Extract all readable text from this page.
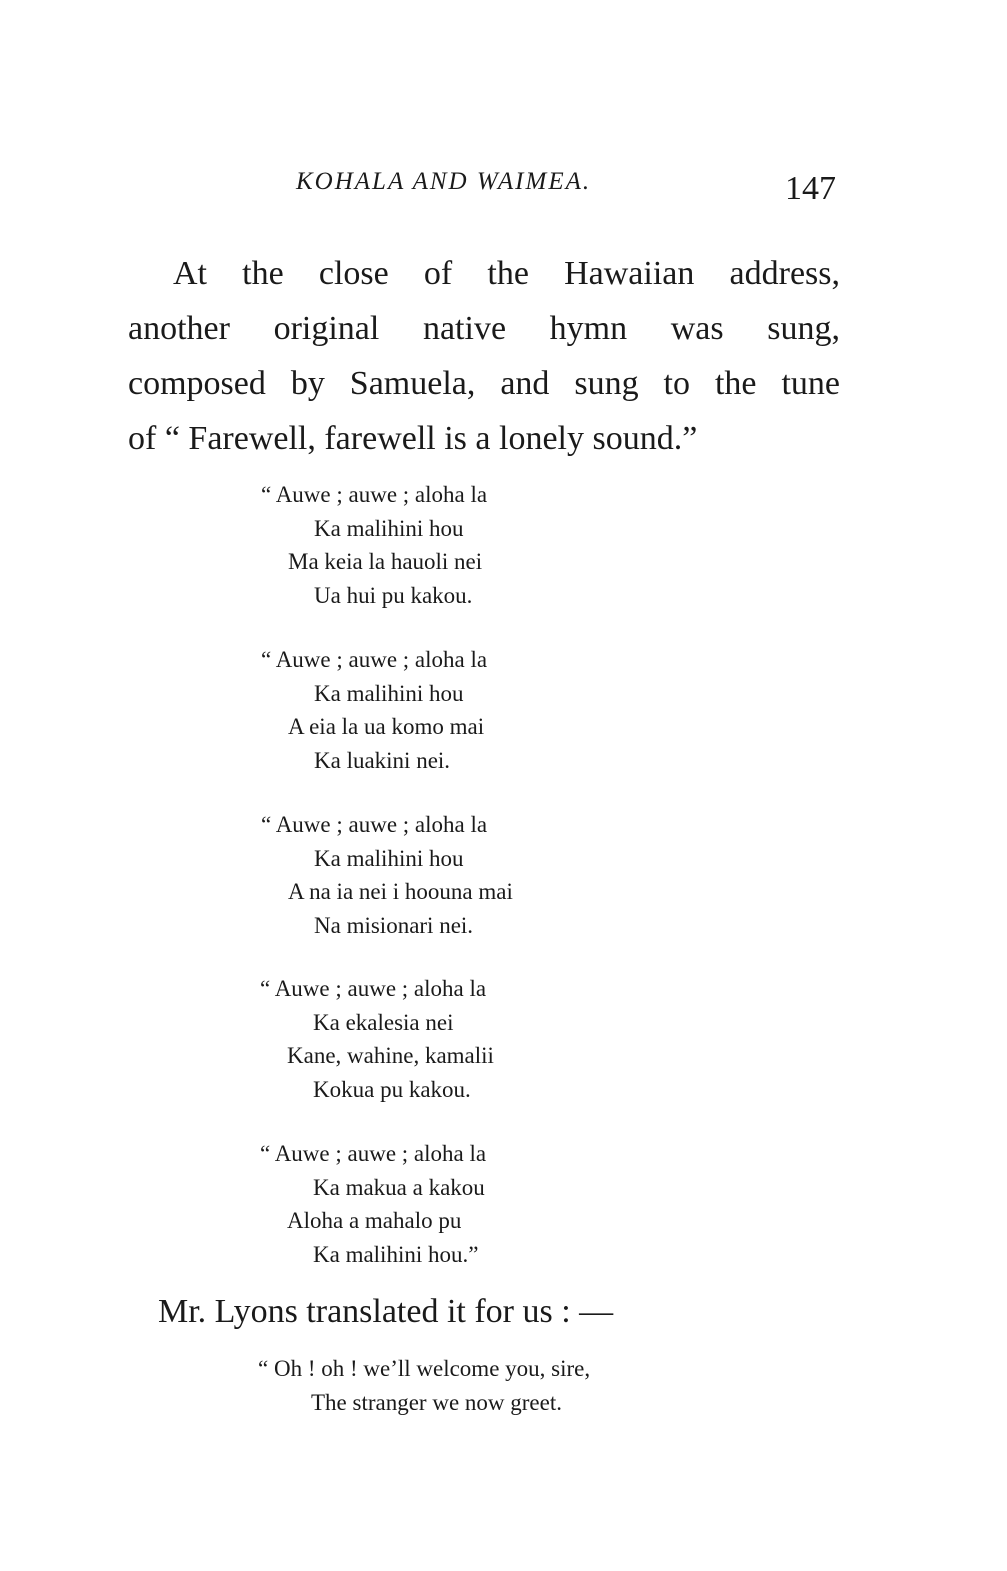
KOHALA AND WAIMEA.	147
At the close of the Hawaiian address,
another original native hymn was sung,
composed by Samuela, and sung to the tune
of “ Farewell, farewell is a lonely sound.”
“ Auwe ; auwe ; aloha la
Ka malihini hou
Ma keia la hauoli nei
Ua hui pu kakou.
“ Auwe ; auwe ; aloha la
Ka malihini hou
A eia la ua komo mai
Ka luakini nei.
“ Auwe ; auwe ; aloha la
Ka malihini hou
A na ia nei i hoouna mai
Na misionari nei.
“ Auwe ; auwe ; aloha la
Ka ekalesia nei
Kane, wahine, kamalii
Kokua pu kakou.
“ Auwe ; auwe ; aloha la
Ka makua a kakou
Aloha a mahalo pu
Ka malihini hou.”
Mr. Lyons translated it for us : —
“ Oh ! oh ! we’ll welcome you, sire,
The stranger we now greet.
